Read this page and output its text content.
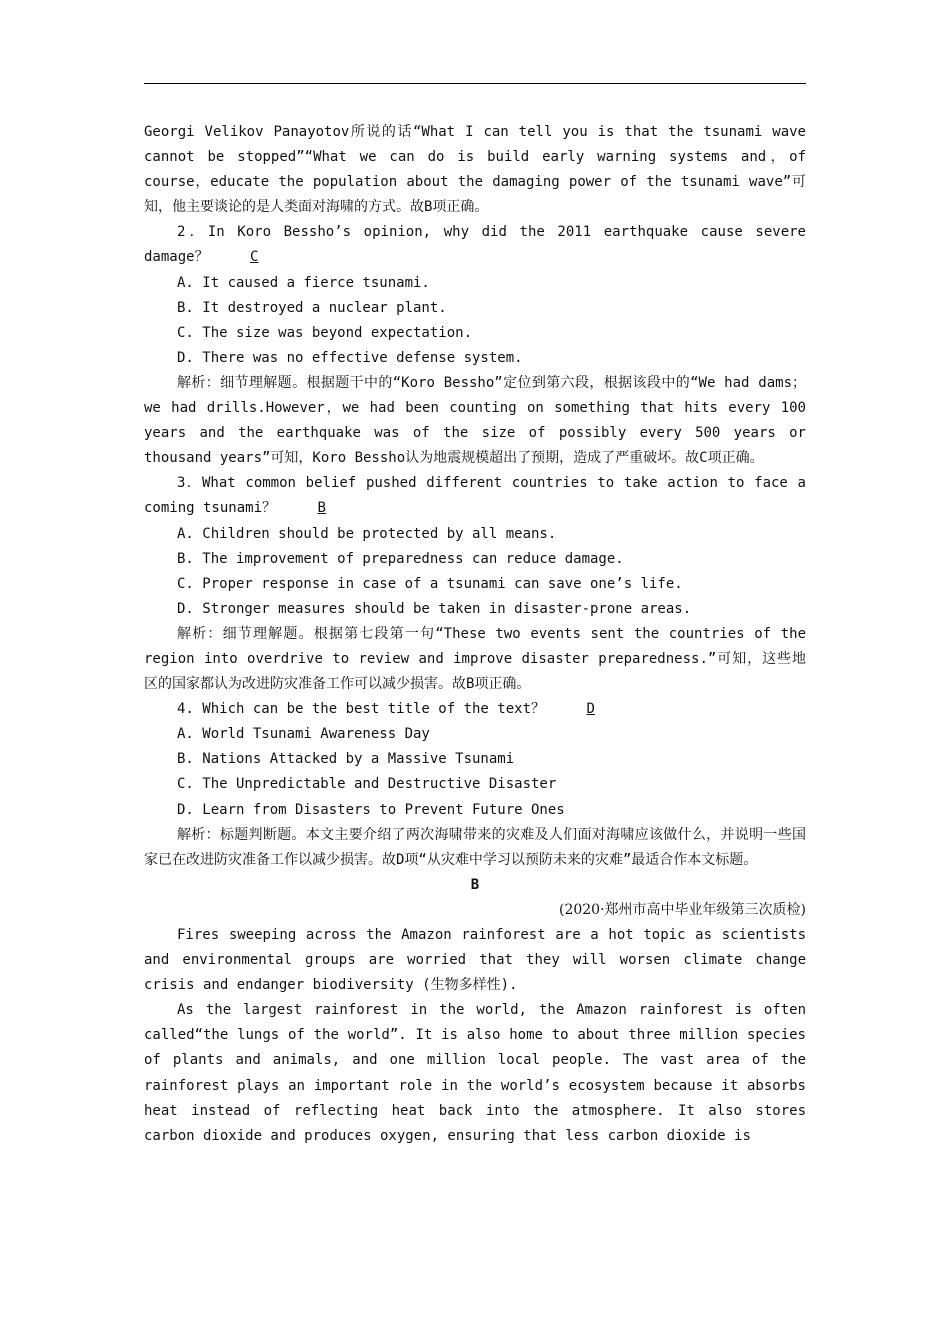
Georgi Velikov Panayotov所说的话“What I can tell you is that the tsunami wave cannot be stopped”“What we can do is build early warning systems and，of course，educate the population about the damaging power of the tsunami wave”可知，他主要谈论的是人类面对海啸的方式。故B项正确。

2．In Koro Bessho’s opinion, why did the 2011 earthquake cause severe damage？	C

A. It caused a fierce tsunami.

B. It destroyed a nuclear plant.

C. The size was beyond expectation.

D. There was no effective defense system.

解析：细节理解题。根据题干中的“Koro Bessho”定位到第六段，根据该段中的“We had dams；we had drills.However，we had been counting on something that hits every 100 years and the earthquake was of the size of possibly every 500 years or thousand years”可知，Koro Bessho认为地震规模超出了预期，造成了严重破坏。故C项正确。

3．What common belief pushed different countries to take action to face a coming tsunami？	B

A. Children should be protected by all means.

B. The improvement of preparedness can reduce damage.

C. Proper response in case of a tsunami can save one’s life.

D. Stronger measures should be taken in disaster-prone areas.

解析：细节理解题。根据第七段第一句“These two events sent the countries of the region into overdrive to review and improve disaster preparedness.”可知，这些地区的国家都认为改进防灾准备工作可以减少损害。故B项正确。

4. Which can be the best title of the text？	D

A. World Tsunami Awareness Day

B. Nations Attacked by a Massive Tsunami

C. The Unpredictable and Destructive Disaster

D. Learn from Disasters to Prevent Future Ones

解析：标题判断题。本文主要介绍了两次海啸带来的灾难及人们面对海啸应该做什么，并说明一些国家已在改进防灾准备工作以减少损害。故D项“从灾难中学习以预防未来的灾难”最适合作本文标题。

B

(2020·郑州市高中毕业年级第三次质检)

Fires sweeping across the Amazon rainforest are a hot topic as scientists and environmental groups are worried that they will worsen climate change crisis and endanger biodiversity (生物多样性).

As the largest rainforest in the world, the Amazon rainforest is often called“the lungs of the world”. It is also home to about three million species of plants and animals, and one million local people. The vast area of the rainforest plays an important role in the world’s ecosystem because it absorbs heat instead of reflecting heat back into the atmosphere. It also stores carbon dioxide and produces oxygen, ensuring that less carbon dioxide is
